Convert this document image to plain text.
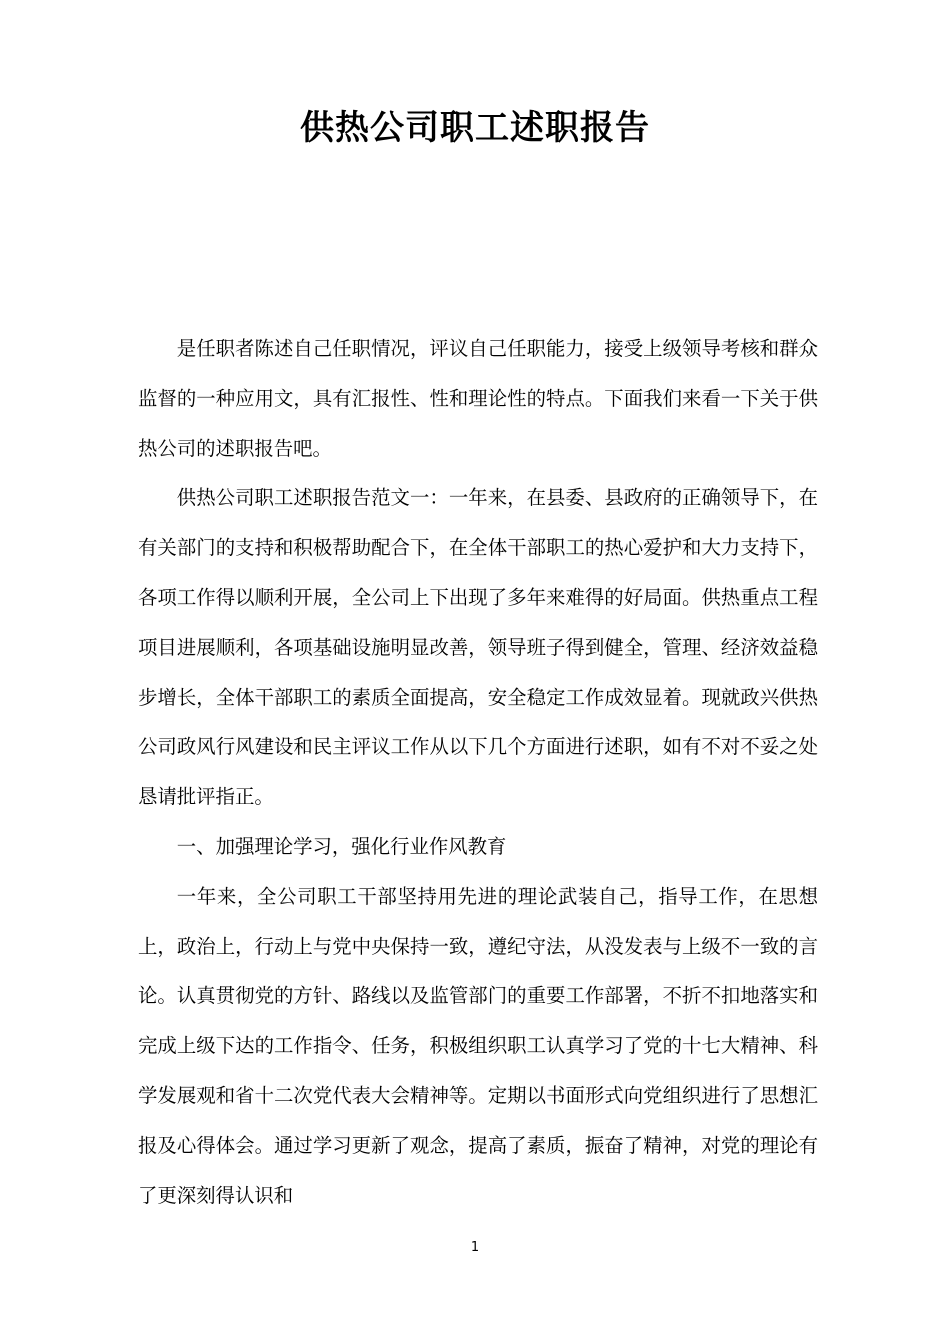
供热公司职工述职报告

是任职者陈述自己任职情况，评议自己任职能力，接受上级领导考核和群众监督的一种应用文，具有汇报性、性和理论性的特点。下面我们来看一下关于供热公司的述职报告吧。

供热公司职工述职报告范文一：一年来，在县委、县政府的正确领导下，在有关部门的支持和积极帮助配合下，在全体干部职工的热心爱护和大力支持下，各项工作得以顺利开展，全公司上下出现了多年来难得的好局面。供热重点工程项目进展顺利，各项基础设施明显改善，领导班子得到健全，管理、经济效益稳步增长，全体干部职工的素质全面提高，安全稳定工作成效显着。现就政兴供热公司政风行风建设和民主评议工作从以下几个方面进行述职，如有不对不妥之处恳请批评指正。

一、加强理论学习，强化行业作风教育

一年来，全公司职工干部坚持用先进的理论武装自己，指导工作，在思想上，政治上，行动上与党中央保持一致，遵纪守法，从没发表与上级不一致的言论。认真贯彻党的方针、路线以及监管部门的重要工作部署，不折不扣地落实和完成上级下达的工作指令、任务，积极组织职工认真学习了党的十七大精神、科学发展观和省十二次党代表大会精神等。定期以书面形式向党组织进行了思想汇报及心得体会。通过学习更新了观念，提高了素质，振奋了精神，对党的理论有了更深刻得认识和

1
